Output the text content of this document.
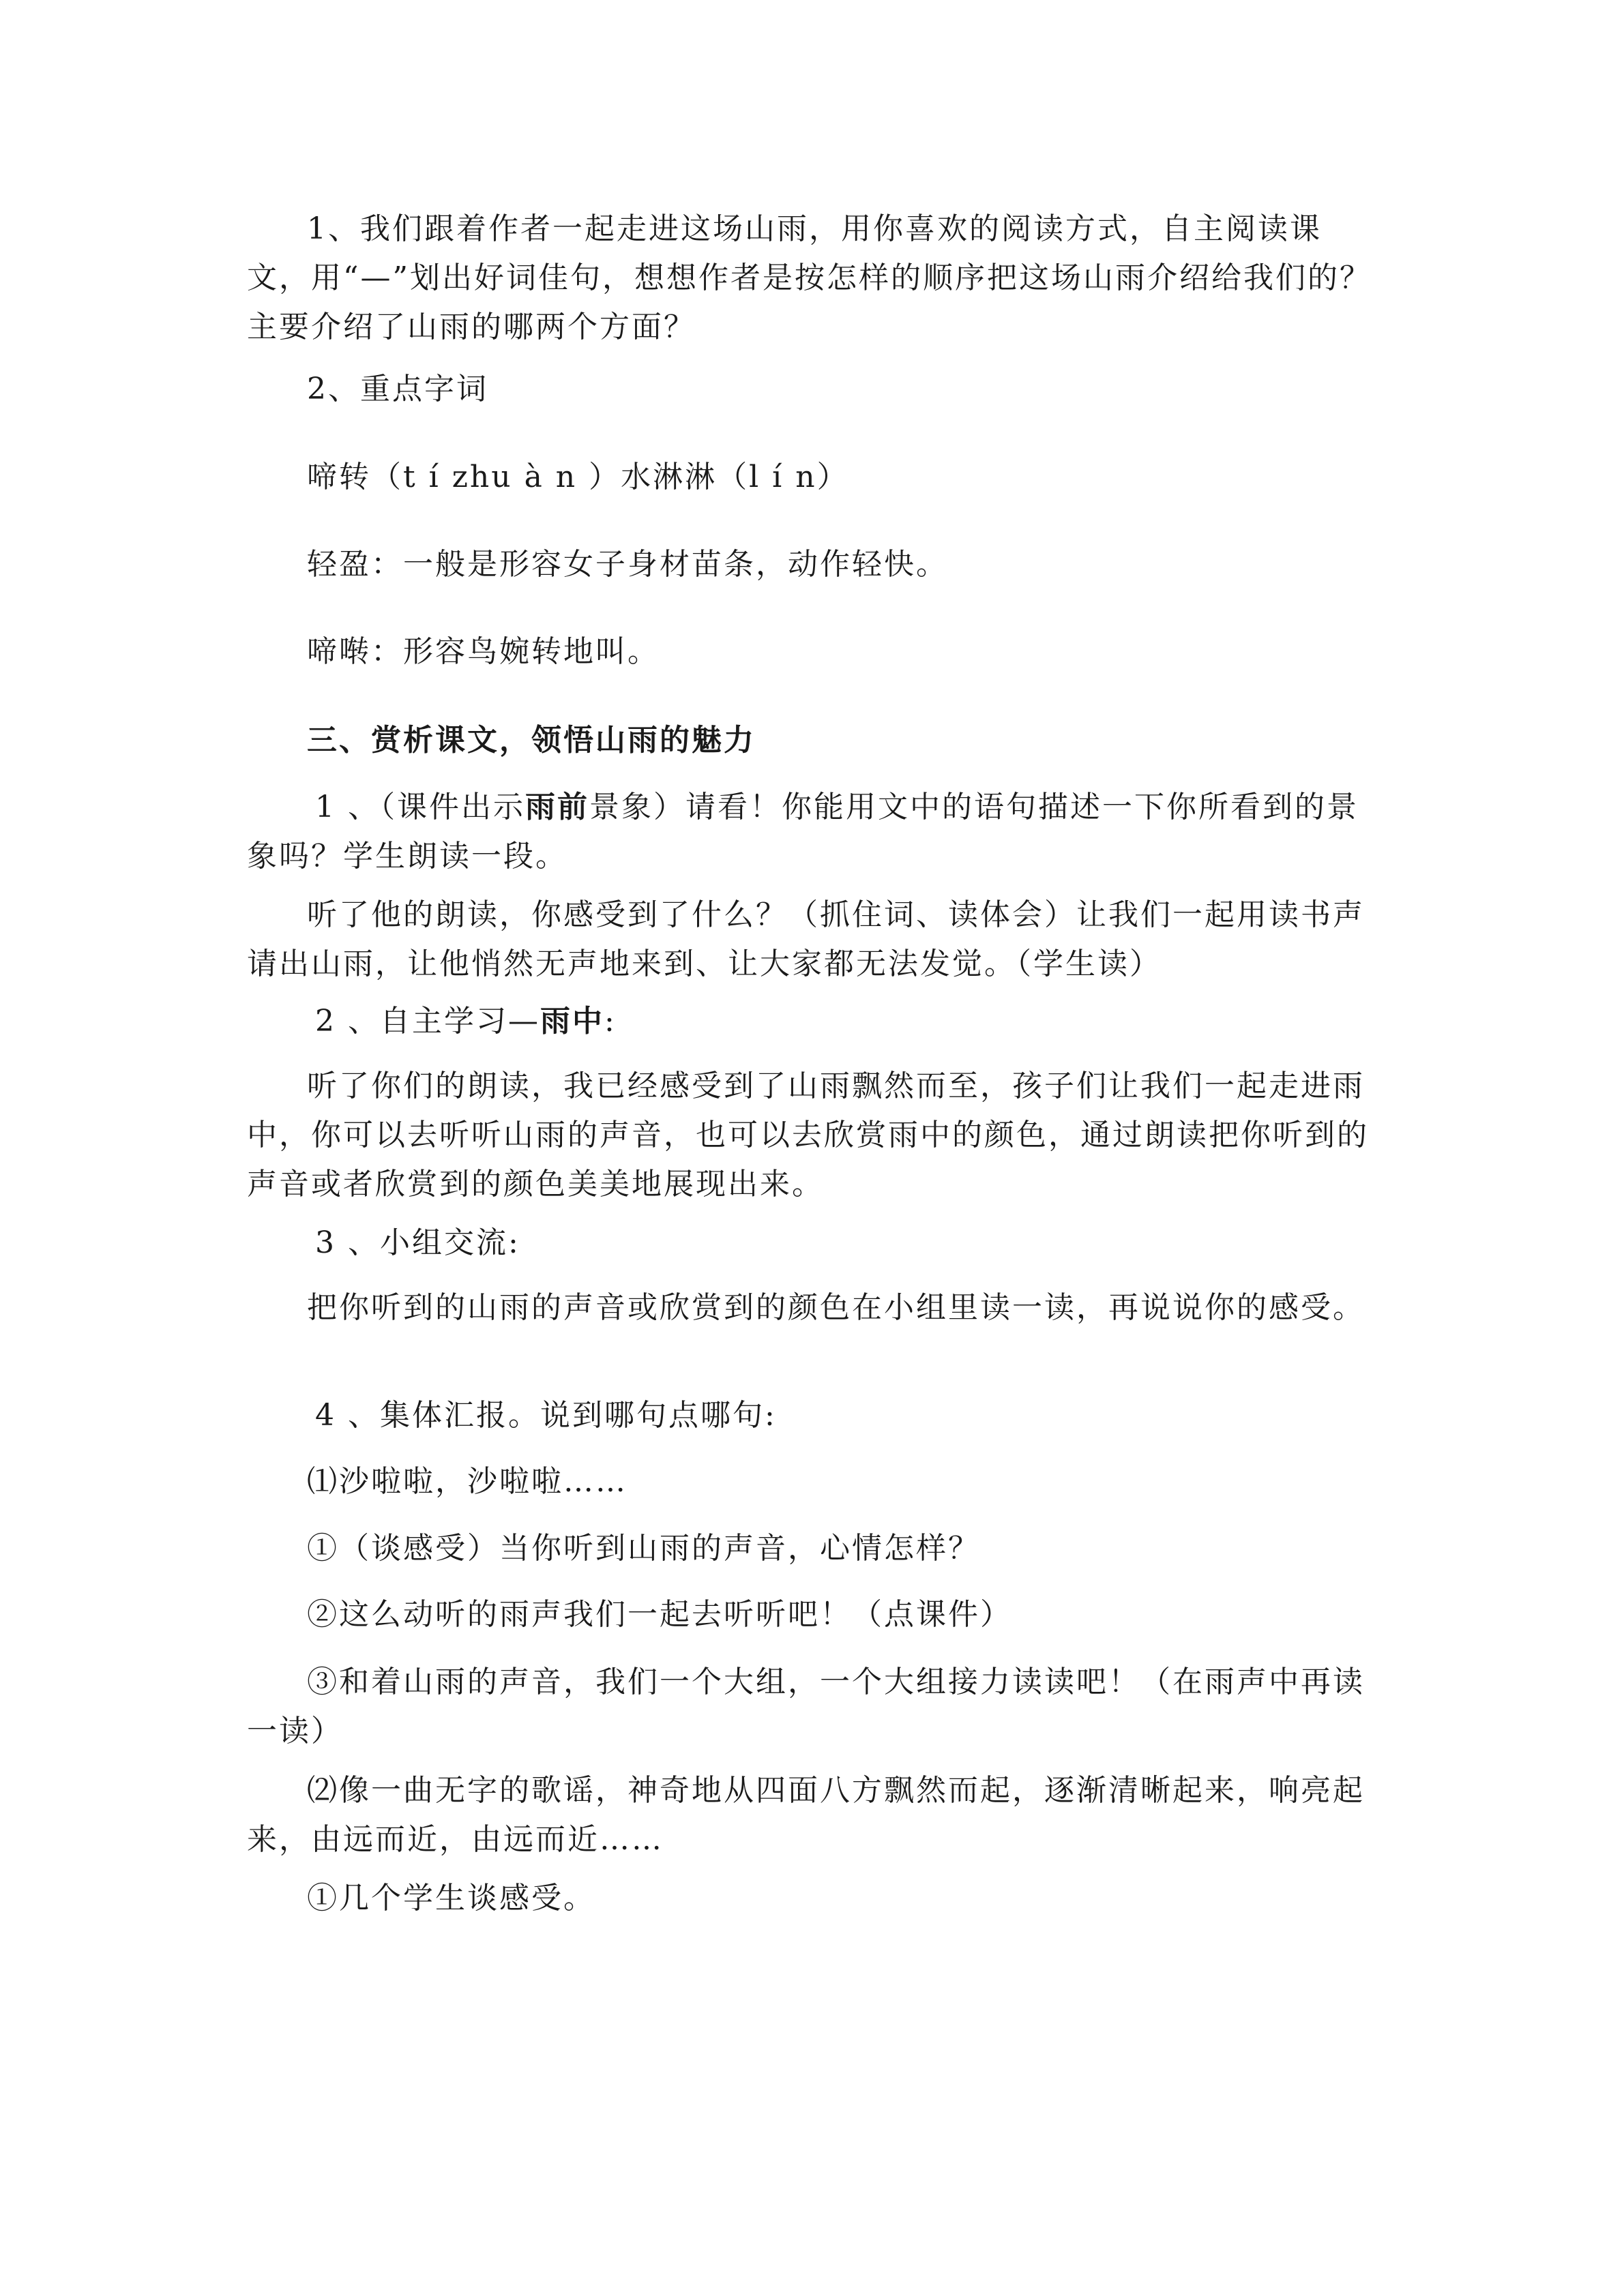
1、我们跟着作者一起走进这场山雨，用你喜欢的阅读方式，自主阅读课文，用“—”划出好词佳句，想想作者是按怎样的顺序把这场山雨介绍给我们的？主要介绍了山雨的哪两个方面？
2、重点字词
啼转（t í zhu à n ）水淋淋（l í n）
轻盈：一般是形容女子身材苗条，动作轻快。
啼啭：形容鸟婉转地叫。
三、赏析课文，领悟山雨的魅力
1 、（课件出示雨前景象）请看！你能用文中的语句描述一下你所看到的景象吗？学生朗读一段。
听了他的朗读，你感受到了什么？（抓住词、读体会）让我们一起用读书声请出山雨，让他悄然无声地来到、让大家都无法发觉。（学生读）
2 、自主学习—雨中:
听了你们的朗读，我已经感受到了山雨飘然而至，孩子们让我们一起走进雨中，你可以去听听山雨的声音，也可以去欣赏雨中的颜色，通过朗读把你听到的声音或者欣赏到的颜色美美地展现出来。
3 、小组交流:
把你听到的山雨的声音或欣赏到的颜色在小组里读一读，再说说你的感受。
4 、集体汇报。说到哪句点哪句:
⑴沙啦啦，沙啦啦……
①（谈感受）当你听到山雨的声音，心情怎样？
②这么动听的雨声我们一起去听听吧！（点课件）
③和着山雨的声音，我们一个大组，一个大组接力读读吧！（在雨声中再读一读）
⑵像一曲无字的歌谣，神奇地从四面八方飘然而起，逐渐清晰起来，响亮起来，由远而近，由远而近……
①几个学生谈感受。
